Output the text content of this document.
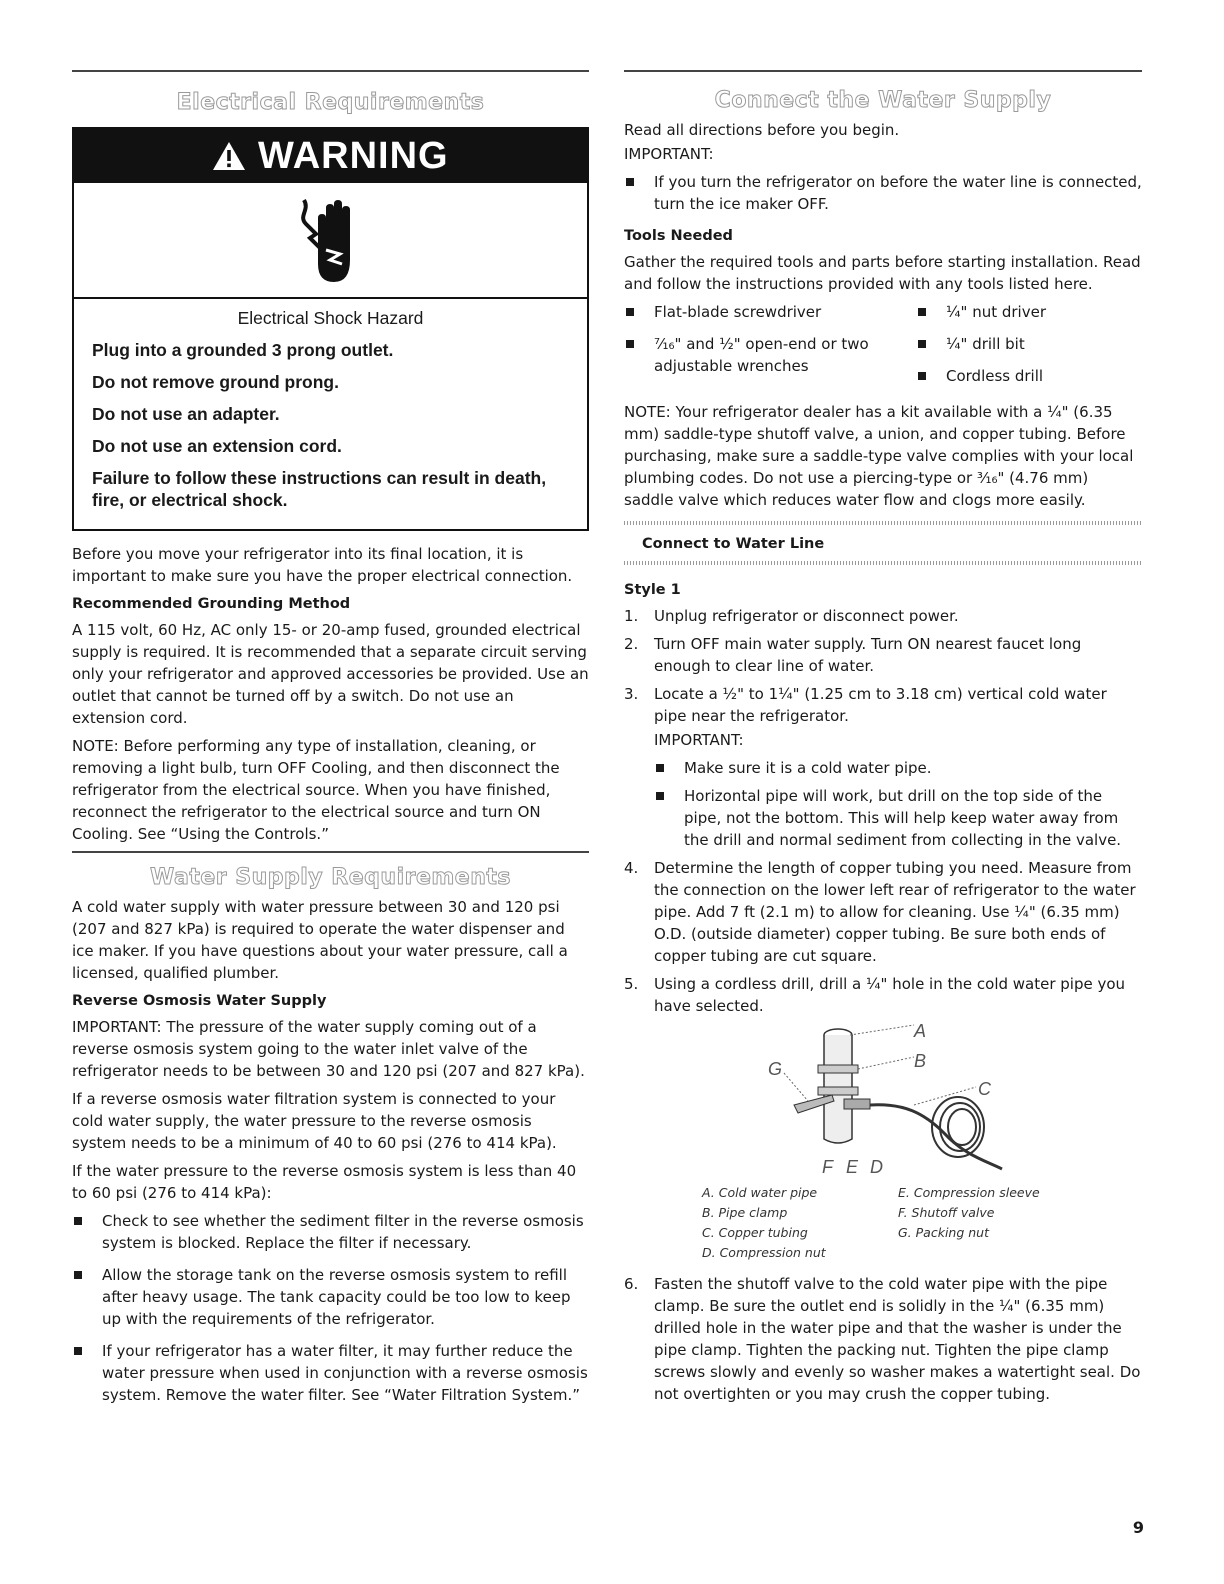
Electrical Requirements
WARNING

Electrical Shock Hazard

Plug into a grounded 3 prong outlet.

Do not remove ground prong.

Do not use an adapter.

Do not use an extension cord.

Failure to follow these instructions can result in death, fire, or electrical shock.

Before you move your refrigerator into its final location, it is important to make sure you have the proper electrical connection.

Recommended Grounding Method

A 115 volt, 60 Hz, AC only 15- or 20-amp fused, grounded electrical supply is required. It is recommended that a separate circuit serving only your refrigerator and approved accessories be provided. Use an outlet that cannot be turned off by a switch. Do not use an extension cord.

NOTE: Before performing any type of installation, cleaning, or removing a light bulb, turn OFF Cooling, and then disconnect the refrigerator from the electrical source. When you have finished, reconnect the refrigerator to the electrical source and turn ON Cooling. See “Using the Controls.”

Water Supply Requirements

A cold water supply with water pressure between 30 and 120 psi (207 and 827 kPa) is required to operate the water dispenser and ice maker. If you have questions about your water pressure, call a licensed, qualified plumber.

Reverse Osmosis Water Supply

IMPORTANT: The pressure of the water supply coming out of a reverse osmosis system going to the water inlet valve of the refrigerator needs to be between 30 and 120 psi (207 and 827 kPa).

If a reverse osmosis water filtration system is connected to your cold water supply, the water pressure to the reverse osmosis system needs to be a minimum of 40 to 60 psi (276 to 414 kPa).

If the water pressure to the reverse osmosis system is less than 40 to 60 psi (276 to 414 kPa):

Check to see whether the sediment filter in the reverse osmosis system is blocked. Replace the filter if necessary.
Allow the storage tank on the reverse osmosis system to refill after heavy usage. The tank capacity could be too low to keep up with the requirements of the refrigerator.
If your refrigerator has a water filter, it may further reduce the water pressure when used in conjunction with a reverse osmosis system. Remove the water filter. See “Water Filtration System.”
Connect the Water Supply

Read all directions before you begin.

IMPORTANT:

If you turn the refrigerator on before the water line is connected, turn the ice maker OFF.

Tools Needed

Gather the required tools and parts before starting installation. Read and follow the instructions provided with any tools listed here.

Flat-blade screwdriver
⁷⁄₁₆" and ½" open-end or two adjustable wrenches
¼" nut driver
¼" drill bit
Cordless drill

NOTE: Your refrigerator dealer has a kit available with a ¼" (6.35 mm) saddle-type shutoff valve, a union, and copper tubing. Before purchasing, make sure a saddle-type valve complies with your local plumbing codes. Do not use a piercing-type or ³⁄₁₆" (4.76 mm) saddle valve which reduces water flow and clogs more easily.

Connect to Water Line

Style 1

1. Unplug refrigerator or disconnect power.
2. Turn OFF main water supply. Turn ON nearest faucet long enough to clear line of water.
3. Locate a ½" to 1¼" (1.25 cm to 3.18 cm) vertical cold water pipe near the refrigerator.

IMPORTANT:

Make sure it is a cold water pipe.
Horizontal pipe will work, but drill on the top side of the pipe, not the bottom. This will help keep water away from the drill and normal sediment from collecting in the valve.
4. Determine the length of copper tubing you need. Measure from the connection on the lower left rear of refrigerator to the water pipe. Add 7 ft (2.1 m) to allow for cleaning. Use ¼" (6.35 mm) O.D. (outside diameter) copper tubing. Be sure both ends of copper tubing are cut square.
5. Using a cordless drill, drill a ¼" hole in the cold water pipe you have selected.
A
B
C
D
E
F
G
A. Cold water pipe
B. Pipe clamp
C. Copper tubing
D. Compression nut
E. Compression sleeve
F. Shutoff valve
G. Packing nut
6. Fasten the shutoff valve to the cold water pipe with the pipe clamp. Be sure the outlet end is solidly in the ¼" (6.35 mm) drilled hole in the water pipe and that the washer is under the pipe clamp. Tighten the packing nut. Tighten the pipe clamp screws slowly and evenly so washer makes a watertight seal. Do not overtighten or you may crush the copper tubing.
9
